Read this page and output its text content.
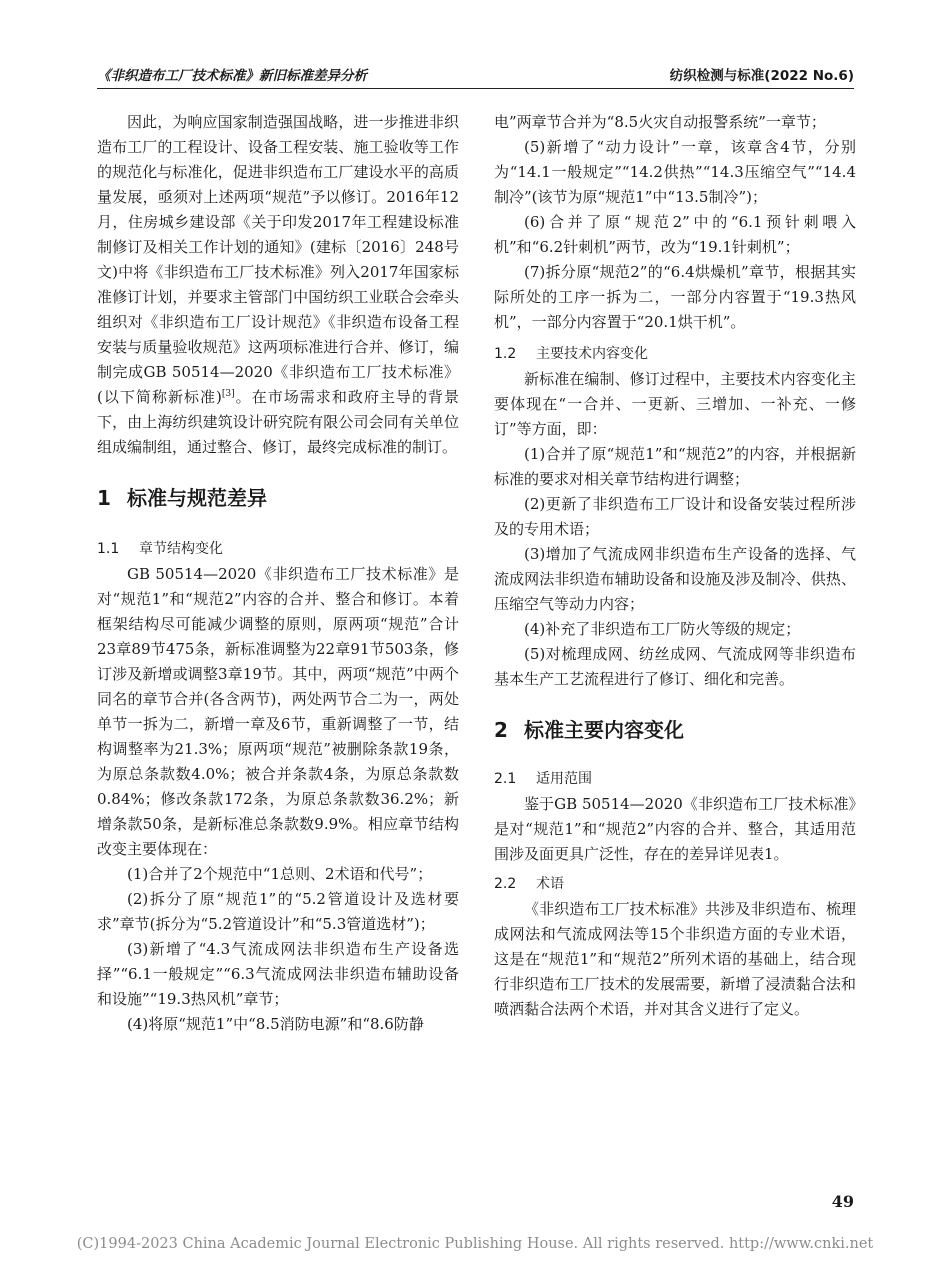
《非织造布工厂技术标准》新旧标准差异分析	纺织检测与标准(2022 No.6)

因此，为响应国家制造强国战略，进一步推进非织造布工厂的工程设计、设备工程安装、施工验收等工作的规范化与标准化，促进非织造布工厂建设水平的高质量发展，亟须对上述两项“规范”予以修订。2016年12月，住房城乡建设部《关于印发2017年工程建设标准制修订及相关工作计划的通知》(建标〔2016〕248号文)中将《非织造布工厂技术标准》列入2017年国家标准修订计划，并要求主管部门中国纺织工业联合会牵头组织对《非织造布工厂设计规范》《非织造布设备工程安装与质量验收规范》这两项标准进行合并、修订，编制完成GB 50514—2020《非织造布工厂技术标准》(以下简称新标准)[3]。在市场需求和政府主导的背景下，由上海纺织建筑设计研究院有限公司会同有关单位组成编制组，通过整合、修订，最终完成标准的制订。

1 标准与规范差异

1.1 章节结构变化

GB 50514—2020《非织造布工厂技术标准》是对“规范1”和“规范2”内容的合并、整合和修订。本着框架结构尽可能减少调整的原则，原两项“规范”合计23章89节475条，新标准调整为22章91节503条，修订涉及新增或调整3章19节。其中，两项“规范”中两个同名的章节合并(各含两节)，两处两节合二为一，两处单节一拆为二，新增一章及6节，重新调整了一节，结构调整率为21.3%；原两项“规范”被删除条款19条，为原总条款数4.0%；被合并条款4条，为原总条款数0.84%；修改条款172条，为原总条款数36.2%；新增条款50条，是新标准总条款数9.9%。相应章节结构改变主要体现在：

(1)合并了2个规范中“1总则、2术语和代号”；

(2)拆分了原“规范1”的“5.2管道设计及选材要求”章节(拆分为“5.2管道设计”和“5.3管道选材”)；

(3)新增了“4.3气流成网法非织造布生产设备选择”“6.1一般规定”“6.3气流成网法非织造布辅助设备和设施”“19.3热风机”章节；

(4)将原“规范1”中“8.5消防电源”和“8.6防静

电”两章节合并为“8.5火灾自动报警系统”一章节；

(5)新增了“动力设计”一章，该章含4节，分别为“14.1一般规定”“14.2供热”“14.3压缩空气”“14.4制冷”(该节为原“规范1”中“13.5制冷”)；

(6)合并了原“规范2”中的“6.1预针刺喂入机”和“6.2针刺机”两节，改为“19.1针刺机”；

(7)拆分原“规范2”的“6.4烘燥机”章节，根据其实际所处的工序一拆为二，一部分内容置于“19.3热风机”，一部分内容置于“20.1烘干机”。

1.2 主要技术内容变化

新标准在编制、修订过程中，主要技术内容变化主要体现在“一合并、一更新、三增加、一补充、一修订”等方面，即：

(1)合并了原“规范1”和“规范2”的内容，并根据新标准的要求对相关章节结构进行调整；

(2)更新了非织造布工厂设计和设备安装过程所涉及的专用术语；

(3)增加了气流成网非织造布生产设备的选择、气流成网法非织造布辅助设备和设施及涉及制冷、供热、压缩空气等动力内容；

(4)补充了非织造布工厂防火等级的规定；

(5)对梳理成网、纺丝成网、气流成网等非织造布基本生产工艺流程进行了修订、细化和完善。

2 标准主要内容变化

2.1 适用范围

鉴于GB 50514—2020《非织造布工厂技术标准》是对“规范1”和“规范2”内容的合并、整合，其适用范围涉及面更具广泛性，存在的差异详见表1。

2.2 术语

《非织造布工厂技术标准》共涉及非织造布、梳理成网法和气流成网法等15个非织造方面的专业术语，这是在“规范1”和“规范2”所列术语的基础上，结合现行非织造布工厂技术的发展需要，新增了浸渍黏合法和喷洒黏合法两个术语，并对其含义进行了定义。

49
(C)1994-2023 China Academic Journal Electronic Publishing House. All rights reserved. http://www.cnki.net
